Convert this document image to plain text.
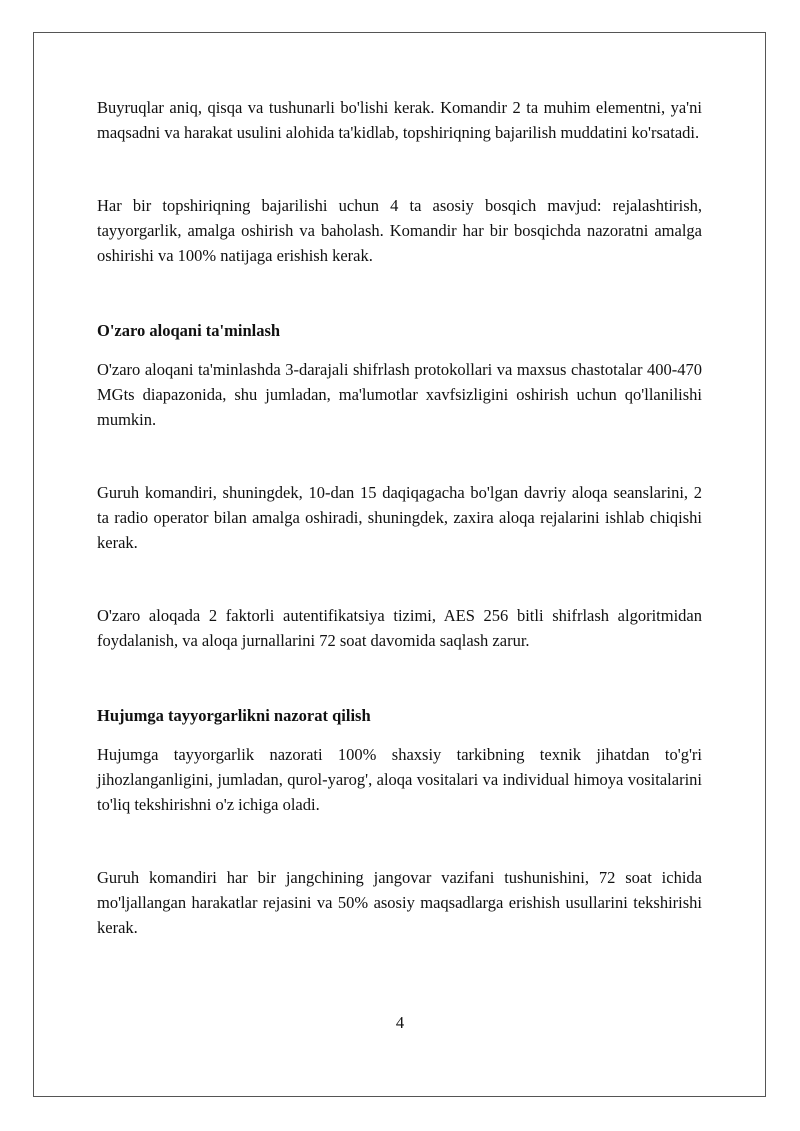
Buyruqlar aniq, qisqa va tushunarli bo'lishi kerak. Komandir 2 ta muhim elementni, ya'ni maqsadni va harakat usulini alohida ta'kidlab, topshiriqning bajarilish muddatini ko'rsatadi.

Har bir topshiriqning bajarilishi uchun 4 ta asosiy bosqich mavjud: rejalashtirish, tayyorgarlik, amalga oshirish va baholash. Komandir har bir bosqichda nazoratni amalga oshirishi va 100% natijaga erishish kerak.

O'zaro aloqani ta'minlash

O'zaro aloqani ta'minlashda 3-darajali shifrlash protokollari va maxsus chastotalar 400-470 MGts diapazonida, shu jumladan, ma'lumotlar xavfsizligini oshirish uchun qo'llanilishi mumkin.

Guruh komandiri, shuningdek, 10-dan 15 daqiqagacha bo'lgan davriy aloqa seanslarini, 2 ta radio operator bilan amalga oshiradi, shuningdek, zaxira aloqa rejalarini ishlab chiqishi kerak.

O'zaro aloqada 2 faktorli autentifikatsiya tizimi, AES 256 bitli shifrlash algoritmidan foydalanish, va aloqa jurnallarini 72 soat davomida saqlash zarur.

Hujumga tayyorgarlikni nazorat qilish

Hujumga tayyorgarlik nazorati 100% shaxsiy tarkibning texnik jihatdan to'g'ri jihozlanganligini, jumladan, qurol-yarog', aloqa vositalari va individual himoya vositalarini to'liq tekshirishni o'z ichiga oladi.

Guruh komandiri har bir jangchining jangovar vazifani tushunishini, 72 soat ichida mo'ljallangan harakatlar rejasini va 50% asosiy maqsadlarga erishish usullarini tekshirishi kerak.

4
